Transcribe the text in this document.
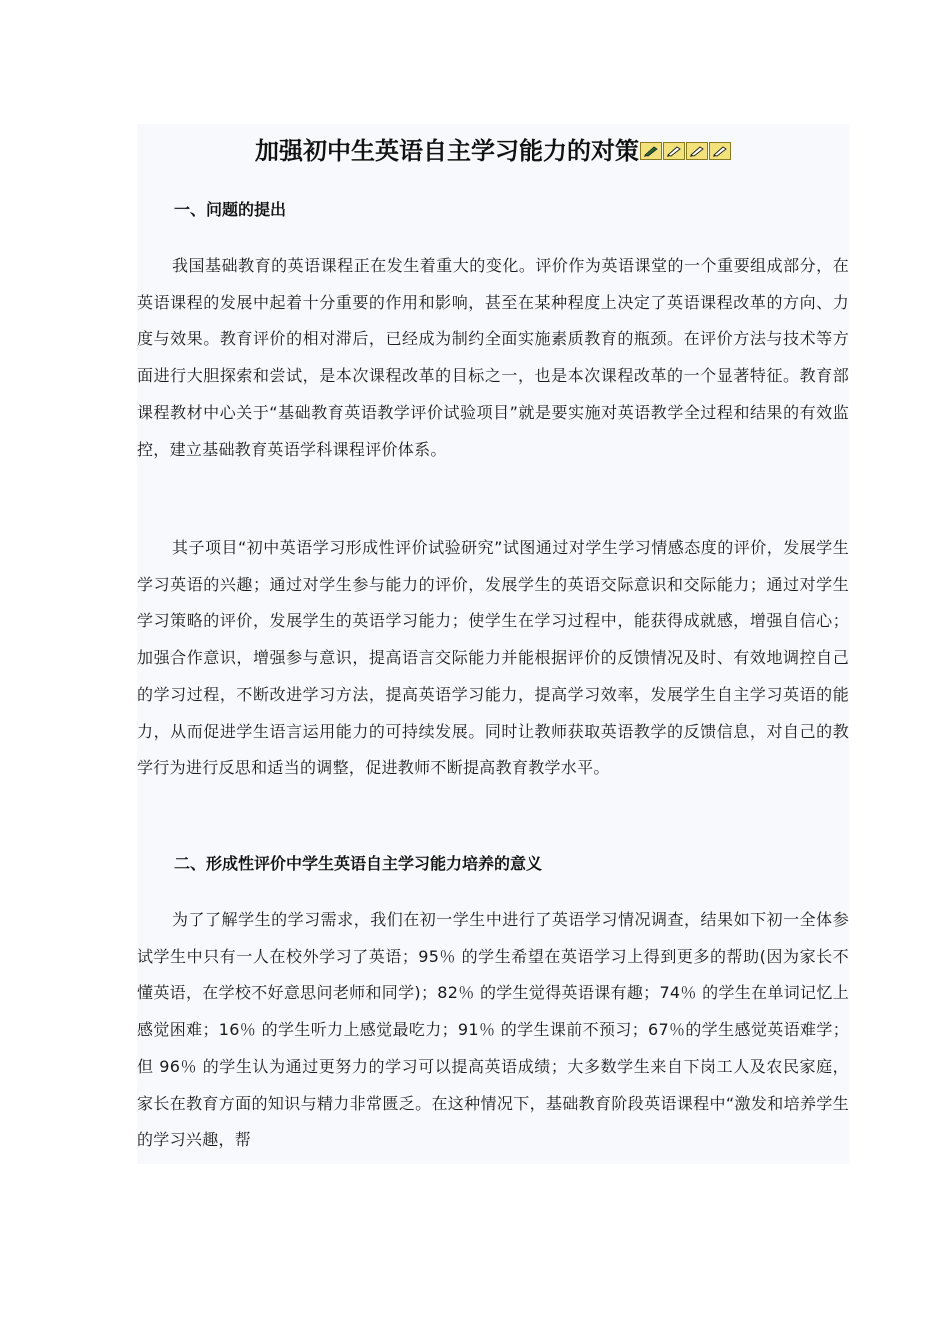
加强初中生英语自主学习能力的对策
一、问题的提出

我国基础教育的英语课程正在发生着重大的变化。评价作为英语课堂的一个重要组成部分，在英语课程的发展中起着十分重要的作用和影响，甚至在某种程度上决定了英语课程改革的方向、力度与效果。教育评价的相对滞后，已经成为制约全面实施素质教育的瓶颈。在评价方法与技术等方面进行大胆探索和尝试，是本次课程改革的目标之一，也是本次课程改革的一个显著特征。教育部课程教材中心关于“基础教育英语教学评价试验项目”就是要实施对英语教学全过程和结果的有效监控，建立基础教育英语学科课程评价体系。

其子项目“初中英语学习形成性评价试验研究”试图通过对学生学习情感态度的评价，发展学生学习英语的兴趣；通过对学生参与能力的评价，发展学生的英语交际意识和交际能力；通过对学生学习策略的评价，发展学生的英语学习能力；使学生在学习过程中，能获得成就感，增强自信心；加强合作意识，增强参与意识，提高语言交际能力并能根据评价的反馈情况及时、有效地调控自己的学习过程，不断改进学习方法，提高英语学习能力，提高学习效率，发展学生自主学习英语的能力，从而促进学生语言运用能力的可持续发展。同时让教师获取英语教学的反馈信息，对自己的教学行为进行反思和适当的调整，促进教师不断提高教育教学水平。

二、形成性评价中学生英语自主学习能力培养的意义

为了了解学生的学习需求，我们在初一学生中进行了英语学习情况调查，结果如下初一全体参试学生中只有一人在校外学习了英语；95％ 的学生希望在英语学习上得到更多的帮助(因为家长不懂英语，在学校不好意思问老师和同学)；82％ 的学生觉得英语课有趣；74％ 的学生在单词记忆上感觉困难；16％ 的学生听力上感觉最吃力；91％ 的学生课前不预习；67％的学生感觉英语难学；但 96％ 的学生认为通过更努力的学习可以提高英语成绩；大多数学生来自下岗工人及农民家庭，家长在教育方面的知识与精力非常匮乏。在这种情况下，基础教育阶段英语课程中“激发和培养学生的学习兴趣，帮
